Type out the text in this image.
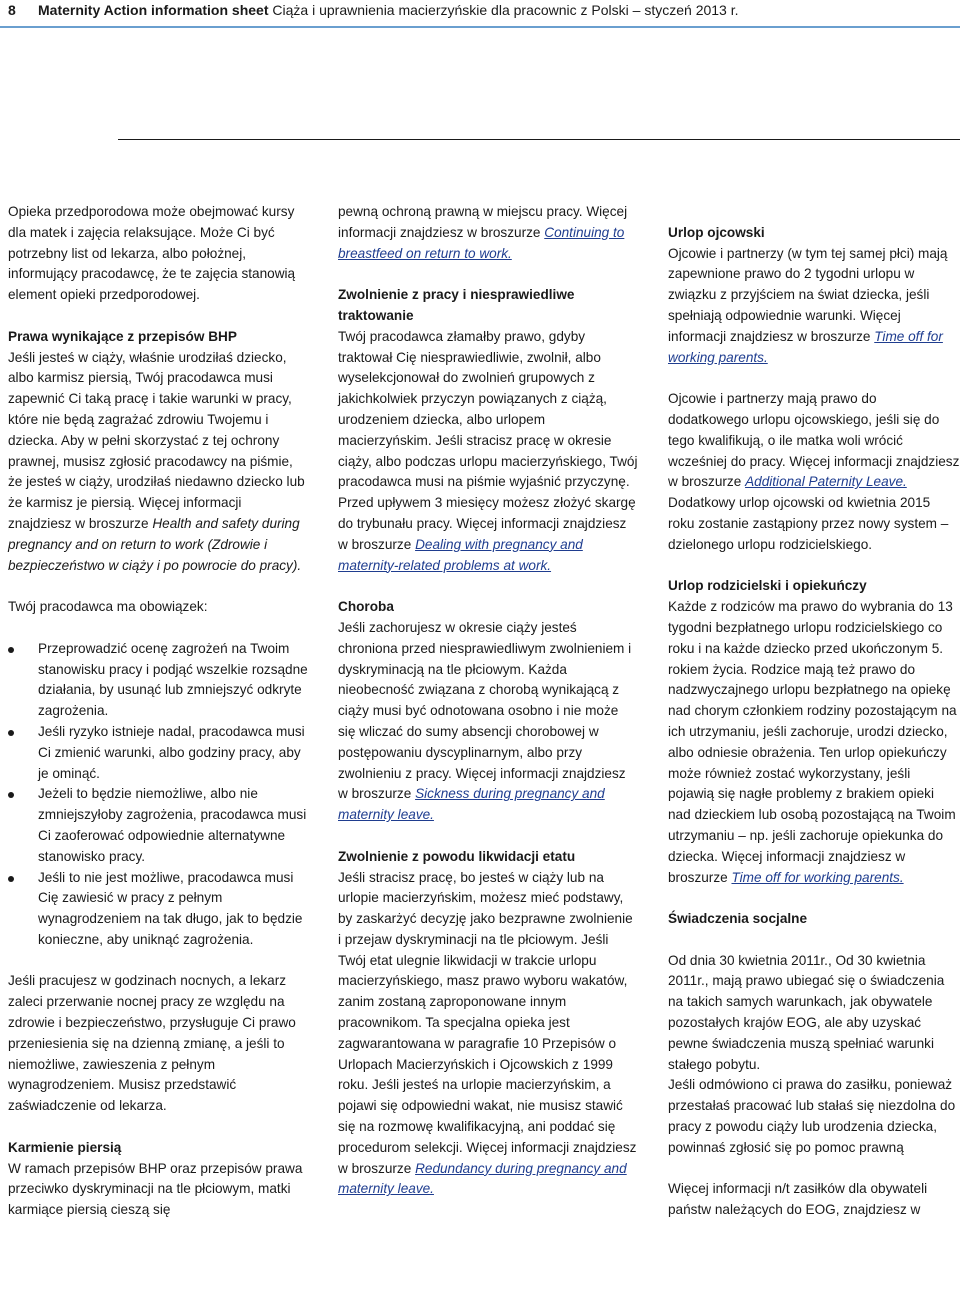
8 Maternity Action information sheet Ciąża i uprawnienia macierzyńskie dla pracownic z Polski – styczeń 2013 r.

Opieka przedporodowa może obejmować kursy dla matek i zajęcia relaksujące. Może Ci być potrzebny list od lekarza, albo położnej, informujący pracodawcę, że te zajęcia stanowią element opieki przedporodowej.

Prawa wynikające z przepisów BHP

Jeśli jesteś w ciąży, właśnie urodziłaś dziecko, albo karmisz piersią, Twój pracodawca musi zapewnić Ci taką pracę i takie warunki w pracy, które nie będą zagrażać zdrowiu Twojemu i dziecka. Aby w pełni skorzystać z tej ochrony prawnej, musisz zgłosić pracodawcy na piśmie, że jesteś w ciąży, urodziłaś niedawno dziecko lub że karmisz je piersią. Więcej informacji znajdziesz w broszurze Health and safety during pregnancy and on return to work (Zdrowie i bezpieczeństwo w ciąży i po powrocie do pracy).

Twój pracodawca ma obowiązek:

Przeprowadzić ocenę zagrożeń na Twoim stanowisku pracy i podjąć wszelkie rozsądne działania, by usunąć lub zmniejszyć odkryte zagrożenia.
Jeśli ryzyko istnieje nadal, pracodawca musi Ci zmienić warunki, albo godziny pracy, aby je ominąć.
Jeżeli to będzie niemożliwe, albo nie zmniejszyłoby zagrożenia, pracodawca musi Ci zaoferować odpowiednie alternatywne stanowisko pracy.
Jeśli to nie jest możliwe, pracodawca musi Cię zawiesić w pracy z pełnym wynagrodzeniem na tak długo, jak to będzie konieczne, aby uniknąć zagrożenia.

Jeśli pracujesz w godzinach nocnych, a lekarz zaleci przerwanie nocnej pracy ze względu na zdrowie i bezpieczeństwo, przysługuje Ci prawo przeniesienia się na dzienną zmianę, a jeśli to niemożliwe, zawieszenia z pełnym wynagrodzeniem. Musisz przedstawić zaświadczenie od lekarza.

Karmienie piersią

W ramach przepisów BHP oraz przepisów prawa przeciwko dyskryminacji na tle płciowym, matki karmiące piersią cieszą się

pewną ochroną prawną w miejscu pracy. Więcej informacji znajdziesz w broszurze Continuing to breastfeed on return to work.

Zwolnienie z pracy i niesprawiedliwe traktowanie

Twój pracodawca złamałby prawo, gdyby traktował Cię niesprawiedliwie, zwolnił, albo wyselekcjonował do zwolnień grupowych z jakichkolwiek przyczyn powiązanych z ciążą, urodzeniem dziecka, albo urlopem macierzyńskim. Jeśli stracisz pracę w okresie ciąży, albo podczas urlopu macierzyńskiego, Twój pracodawca musi na piśmie wyjaśnić przyczynę. Przed upływem 3 miesięcy możesz złożyć skargę do trybunału pracy. Więcej informacji znajdziesz w broszurze Dealing with pregnancy and maternity-related problems at work.

Choroba

Jeśli zachorujesz w okresie ciąży jesteś chroniona przed niesprawiedliwym zwolnieniem i dyskryminacją na tle płciowym. Każda nieobecność związana z chorobą wynikającą z ciąży musi być odnotowana osobno i nie może się wliczać do sumy absencji chorobowej w postępowaniu dyscyplinarnym, albo przy zwolnieniu z pracy. Więcej informacji znajdziesz w broszurze Sickness during pregnancy and maternity leave.

Zwolnienie z powodu likwidacji etatu

Jeśli stracisz pracę, bo jesteś w ciąży lub na urlopie macierzyńskim, możesz mieć podstawy, by zaskarżyć decyzję jako bezprawne zwolnienie i przejaw dyskryminacji na tle płciowym. Jeśli Twój etat ulegnie likwidacji w trakcie urlopu macierzyńskiego, masz prawo wyboru wakatów, zanim zostaną zaproponowane innym pracownikom. Ta specjalna opieka jest zagwarantowana w paragrafie 10 Przepisów o Urlopach Macierzyńskich i Ojcowskich z 1999 roku. Jeśli jesteś na urlopie macierzyńskim, a pojawi się odpowiedni wakat, nie musisz stawić się na rozmowę kwalifikacyjną, ani poddać się procedurom selekcji. Więcej informacji znajdziesz w broszurze Redundancy during pregnancy and maternity leave.

Urlop ojcowski

Ojcowie i partnerzy (w tym tej samej płci) mają zapewnione prawo do 2 tygodni urlopu w związku z przyjściem na świat dziecka, jeśli spełniają odpowiednie warunki. Więcej informacji znajdziesz w broszurze Time off for working parents.

Ojcowie i partnerzy mają prawo do dodatkowego urlopu ojcowskiego, jeśli się do tego kwalifikują, o ile matka woli wrócić wcześniej do pracy. Więcej informacji znajdziesz w broszurze Additional Paternity Leave.

Dodatkowy urlop ojcowski od kwietnia 2015 roku zostanie zastąpiony przez nowy system – dzielonego urlopu rodzicielskiego.

Urlop rodzicielski i opiekuńczy

Każde z rodziców ma prawo do wybrania do 13 tygodni bezpłatnego urlopu rodzicielskiego co roku i na każde dziecko przed ukończonym 5. rokiem życia. Rodzice mają też prawo do nadzwyczajnego urlopu bezpłatnego na opiekę nad chorym członkiem rodziny pozostającym na ich utrzymaniu, jeśli zachoruje, urodzi dziecko, albo odniesie obrażenia. Ten urlop opiekuńczy może również zostać wykorzystany, jeśli pojawią się nagłe problemy z brakiem opieki nad dzieckiem lub osobą pozostającą na Twoim utrzymaniu – np. jeśli zachoruje opiekunka do dziecka. Więcej informacji znajdziesz w broszurze Time off for working parents.

Świadczenia socjalne

Od dnia 30 kwietnia 2011r., Od 30 kwietnia 2011r., mają prawo ubiegać się o świadczenia na takich samych warunkach, jak obywatele pozostałych krajów EOG, ale aby uzyskać pewne świadczenia muszą spełniać warunki stałego pobytu.

Jeśli odmówiono ci prawa do zasiłku, ponieważ przestałaś pracować lub stałaś się niezdolna do pracy z powodu ciąży lub urodzenia dziecka, powinnaś zgłosić się po pomoc prawną

Więcej informacji n/t zasiłków dla obywateli państw należących do EOG, znajdziesz w
